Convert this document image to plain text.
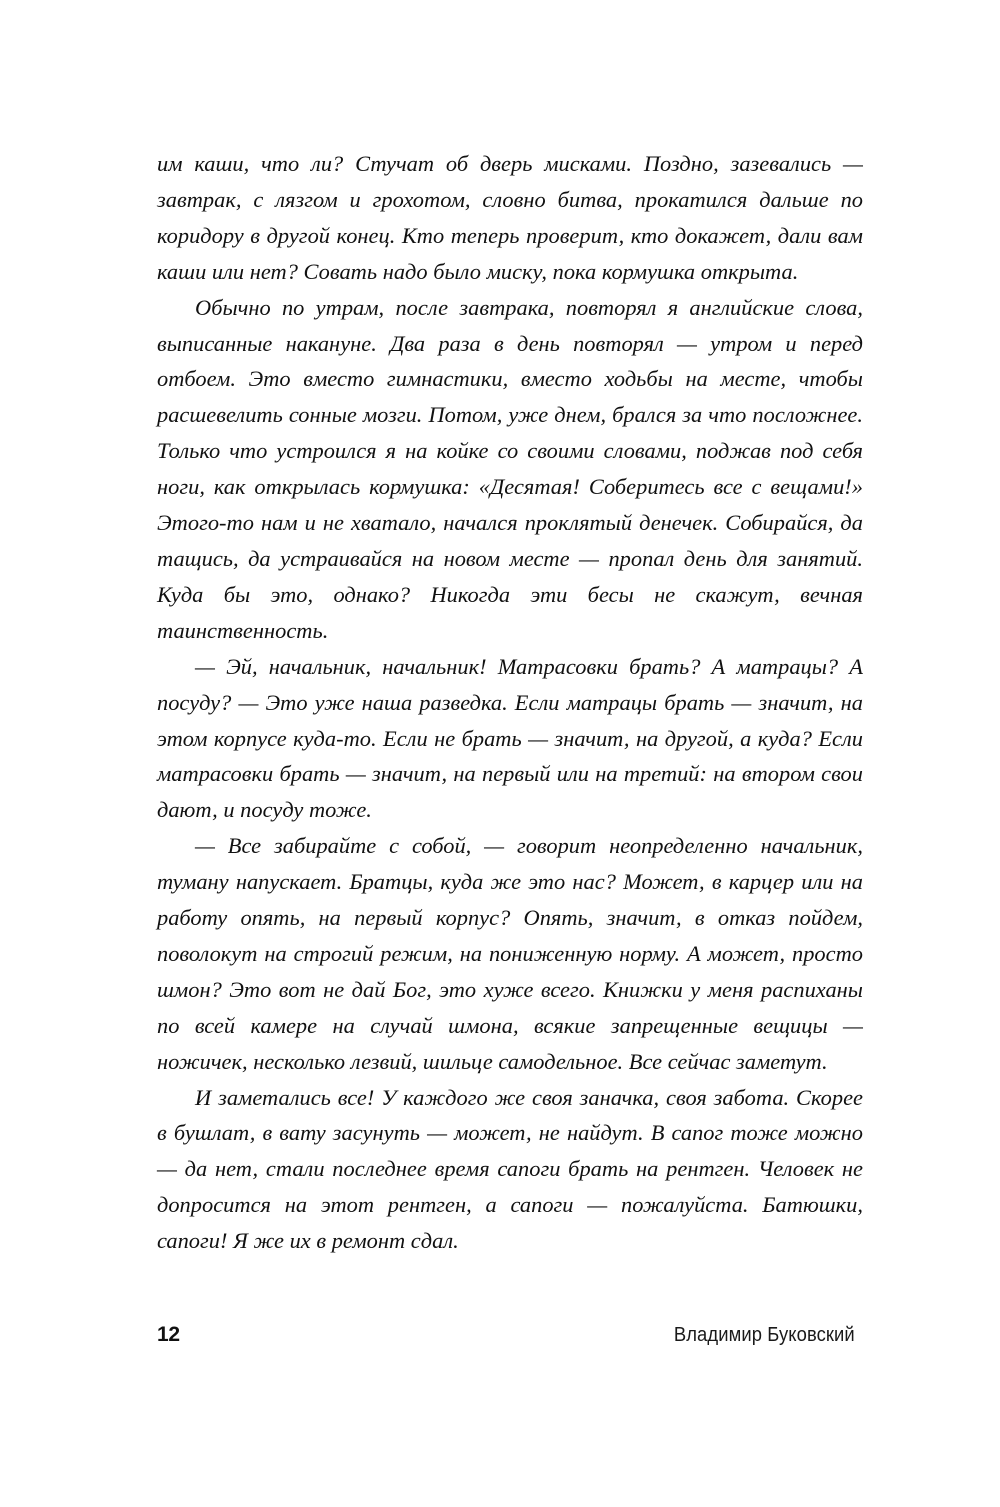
им каши, что ли? Стучат об дверь мисками. Поздно, зазевались — завтрак, с лязгом и грохотом, словно битва, прокатился дальше по коридору в другой конец. Кто теперь проверит, кто докажет, дали вам каши или нет? Совать надо было миску, пока кормушка открыта.

Обычно по утрам, после завтрака, повторял я английские слова, выписанные накануне. Два раза в день повторял — утром и перед отбоем. Это вместо гимнастики, вместо ходьбы на месте, чтобы расшевелить сонные мозги. Потом, уже днем, брался за что посложнее. Только что устроился я на койке со своими словами, поджав под себя ноги, как открылась кормушка: «Десятая! Соберитесь все с вещами!» Этого-то нам и не хватало, начался проклятый денечек. Собирайся, да тащись, да устраивайся на новом месте — пропал день для занятий. Куда бы это, однако? Никогда эти бесы не скажут, вечная таинственность.

— Эй, начальник, начальник! Матрасовки брать? А матрацы? А посуду? — Это уже наша разведка. Если матрацы брать — значит, на этом корпусе куда-то. Если не брать — значит, на другой, а куда? Если матрасовки брать — значит, на первый или на третий: на втором свои дают, и посуду тоже.

— Все забирайте с собой, — говорит неопределенно начальник, туману напускает. Братцы, куда же это нас? Может, в карцер или на работу опять, на первый корпус? Опять, значит, в отказ пойдем, поволокут на строгий режим, на пониженную норму. А может, просто шмон? Это вот не дай Бог, это хуже всего. Книжки у меня распиханы по всей камере на случай шмона, всякие запрещенные вещицы — ножичек, несколько лезвий, шильце самодельное. Все сейчас заметут.

И заметались все! У каждого же своя заначка, своя забота. Скорее в бушлат, в вату засунуть — может, не найдут. В сапог тоже можно — да нет, стали последнее время сапоги брать на рентген. Человек не допросится на этот рентген, а сапоги — пожалуйста. Батюшки, сапоги! Я же их в ремонт сдал.

12	Владимир Буковский
